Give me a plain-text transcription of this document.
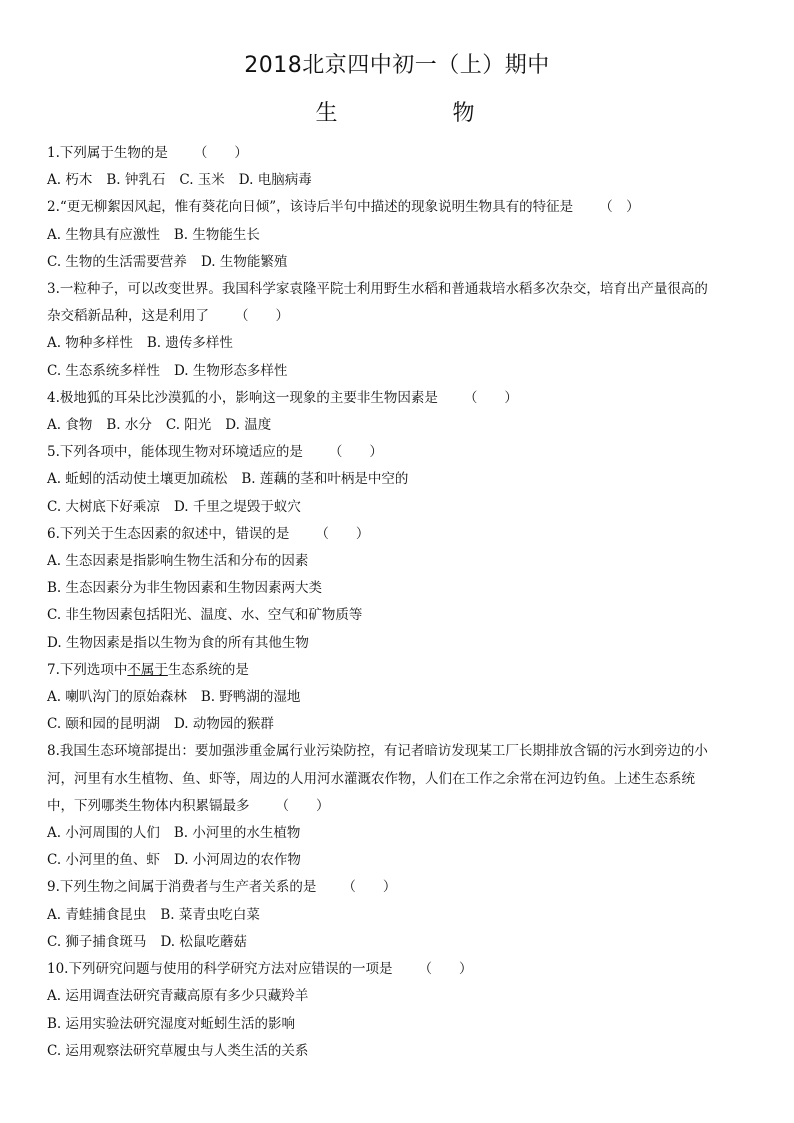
2018北京四中初一（上）期中
生 物
1.下列属于生物的是 （　　）
A. 朽木 B. 钟乳石 C. 玉米 D. 电脑病毒
2.“更无柳絮因风起，惟有葵花向日倾”，该诗后半句中描述的现象说明生物具有的特征是 （　）
A. 生物具有应激性 B. 生物能生长
C. 生物的生活需要营养 D. 生物能繁殖
3.一粒种子，可以改变世界。我国科学家袁隆平院士利用野生水稻和普通栽培水稻多次杂交，培育出产量很高的
杂交稻新品种，这是利用了 （　　）
A. 物种多样性 B. 遗传多样性
C. 生态系统多样性 D. 生物形态多样性
4.极地狐的耳朵比沙漠狐的小，影响这一现象的主要非生物因素是 （　　）
A. 食物 B. 水分 C. 阳光 D. 温度
5.下列各项中，能体现生物对环境适应的是 （　　）
A. 蚯蚓的活动使土壤更加疏松 B. 莲藕的茎和叶柄是中空的
C. 大树底下好乘凉 D. 千里之堤毁于蚁穴
6.下列关于生态因素的叙述中，错误的是 （　　）
A. 生态因素是指影响生物生活和分布的因素
B. 生态因素分为非生物因素和生物因素两大类
C. 非生物因素包括阳光、温度、水、空气和矿物质等
D. 生物因素是指以生物为食的所有其他生物
7.下列选项中不属于生态系统的是
A. 喇叭沟门的原始森林 B. 野鸭湖的湿地
C. 颐和园的昆明湖 D. 动物园的猴群
8.我国生态环境部提出：要加强涉重金属行业污染防控，有记者暗访发现某工厂长期排放含镉的污水到旁边的小
河，河里有水生植物、鱼、虾等，周边的人用河水灌溉农作物，人们在工作之余常在河边钓鱼。上述生态系统
中，下列哪类生物体内积累镉最多 （　　）
A. 小河周围的人们 B. 小河里的水生植物
C. 小河里的鱼、虾 D. 小河周边的农作物
9.下列生物之间属于消费者与生产者关系的是 （　　）
A. 青蛙捕食昆虫 B. 菜青虫吃白菜
C. 狮子捕食斑马 D. 松鼠吃蘑菇
10.下列研究问题与使用的科学研究方法对应错误的一项是 （　　）
A. 运用调查法研究青藏高原有多少只藏羚羊
B. 运用实验法研究湿度对蚯蚓生活的影响
C. 运用观察法研究草履虫与人类生活的关系
